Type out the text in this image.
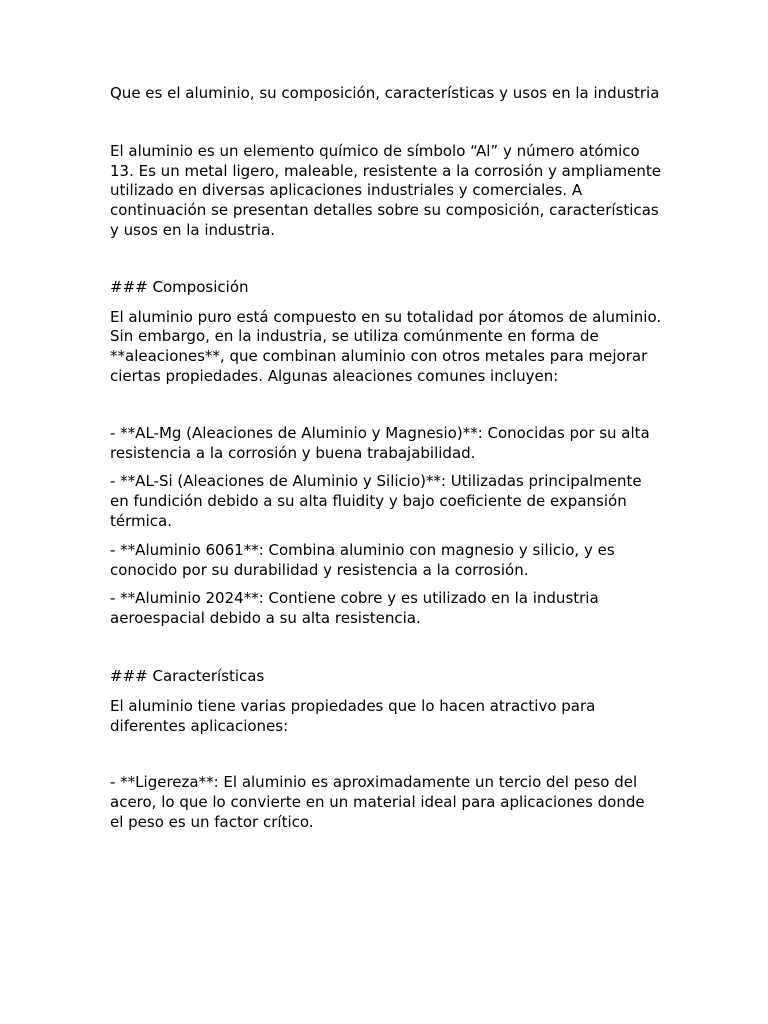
Que es el aluminio, su composición, características y usos en la industria

El aluminio es un elemento químico de símbolo “Al” y número atómico 13. Es un metal ligero, maleable, resistente a la corrosión y ampliamente utilizado en diversas aplicaciones industriales y comerciales. A continuación se presentan detalles sobre su composición, características y usos en la industria.

### Composición

El aluminio puro está compuesto en su totalidad por átomos de aluminio. Sin embargo, en la industria, se utiliza comúnmente en forma de **aleaciones**, que combinan aluminio con otros metales para mejorar ciertas propiedades. Algunas aleaciones comunes incluyen:

- **AL-Mg (Aleaciones de Aluminio y Magnesio)**: Conocidas por su alta resistencia a la corrosión y buena trabajabilidad.

- **AL-Si (Aleaciones de Aluminio y Silicio)**: Utilizadas principalmente en fundición debido a su alta fluidity y bajo coeficiente de expansión térmica.

- **Aluminio 6061**: Combina aluminio con magnesio y silicio, y es conocido por su durabilidad y resistencia a la corrosión.

- **Aluminio 2024**: Contiene cobre y es utilizado en la industria aeroespacial debido a su alta resistencia.

### Características

El aluminio tiene varias propiedades que lo hacen atractivo para diferentes aplicaciones:

- **Ligereza**: El aluminio es aproximadamente un tercio del peso del acero, lo que lo convierte en un material ideal para aplicaciones donde el peso es un factor crítico.
